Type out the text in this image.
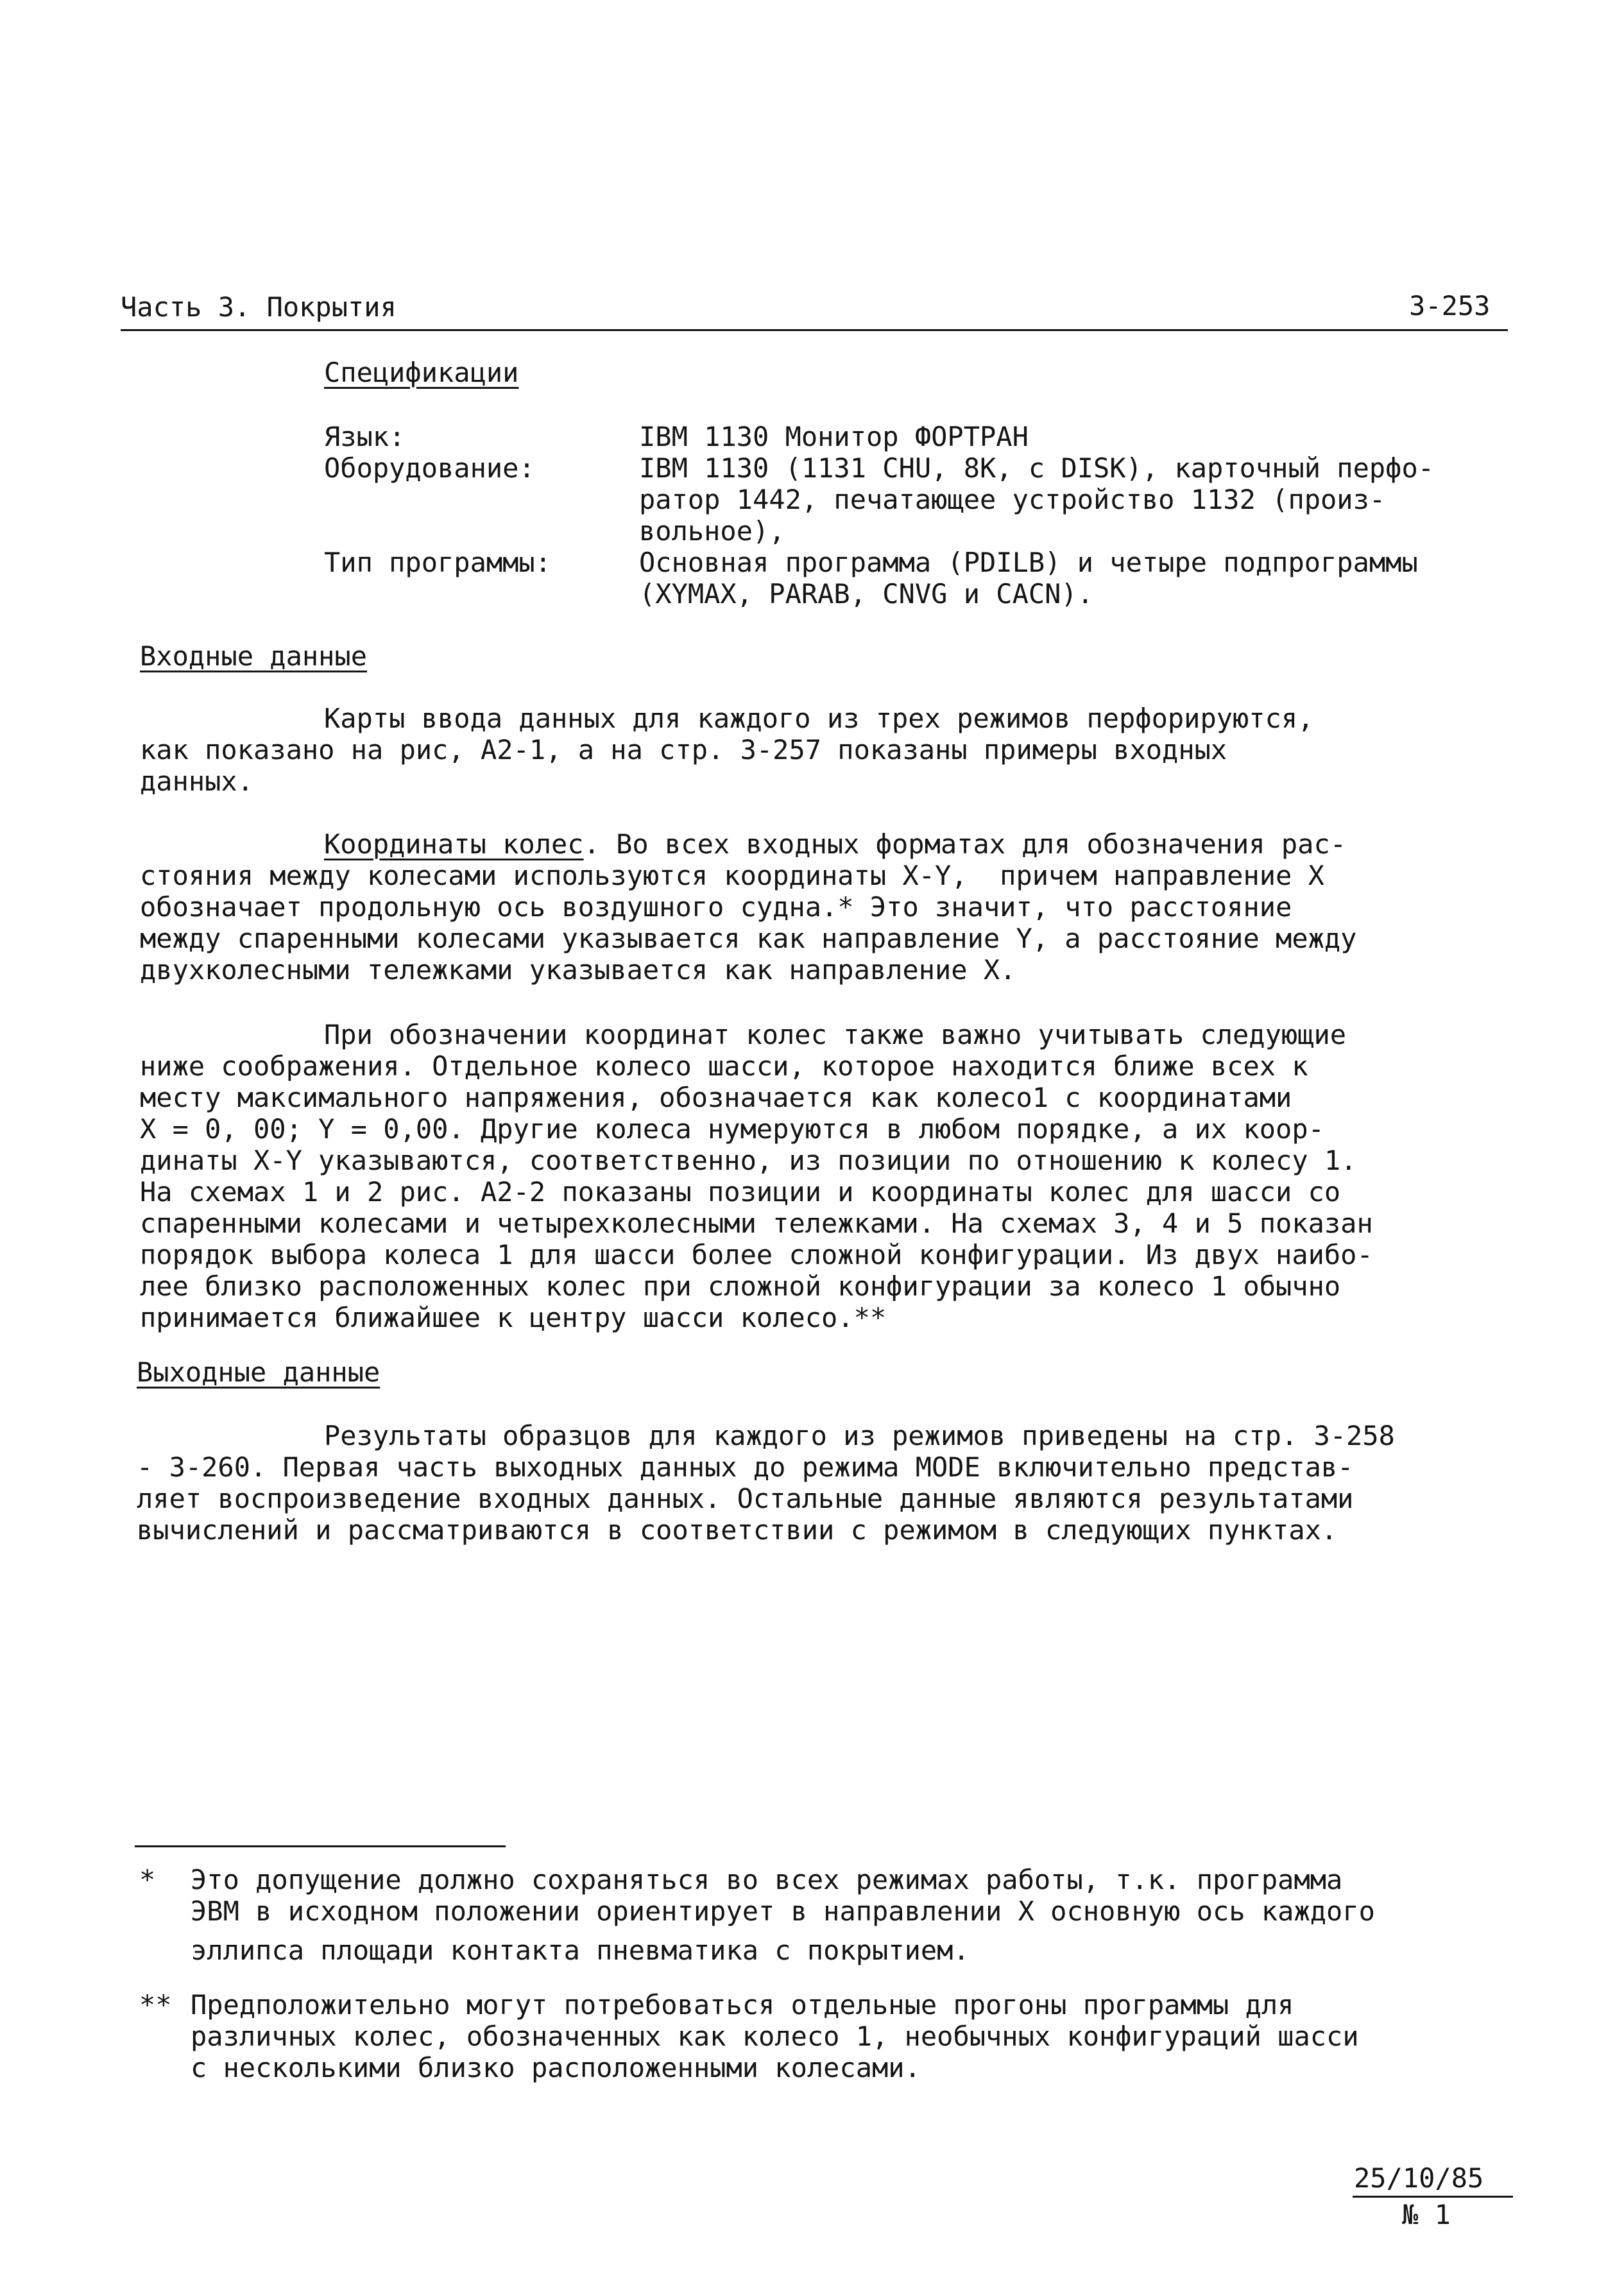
Часть 3. Покрытия	3-253
Спецификации
Язык:	IBM 1130 Монитор ФОРТРАН
Оборудование:	IBM 1130 (1131 CHU, 8K, c DISK), карточный перфо-
ратор 1442, печатающее устройство 1132 (произ-
вольное),
Тип программы:	Основная программа (PDILB) и четыре подпрограммы
(XYMAX, PARAB, CNVG и CACN).
Входные данные
Карты ввода данных для каждого из трех режимов перфорируются,
как показано на рис, А2-1, а на стр. 3-257 показаны примеры входных
данных.
Координаты колес. Во всех входных форматах для обозначения рас-
стояния между колесами используются координаты X-Y,  причем направление X
обозначает продольную ось воздушного судна.* Это значит, что расстояние
между спаренными колесами указывается как направление Y, а расстояние между
двухколесными тележками указывается как направление X.
При обозначении координат колес также важно учитывать следующие
ниже соображения. Отдельное колесо шасси, которое находится ближе всех к
месту максимального напряжения, обозначается как колесо1 с координатами
X = 0, 00; Y = 0,00. Другие колеса нумеруются в любом порядке, а их коор-
динаты X-Y указываются, соответственно, из позиции по отношению к колесу 1.
На схемах 1 и 2 рис. А2-2 показаны позиции и координаты колес для шасси со
спаренными колесами и четырехколесными тележками. На схемах 3, 4 и 5 показан
порядок выбора колеса 1 для шасси более сложной конфигурации. Из двух наибо-
лее близко расположенных колес при сложной конфигурации за колесо 1 обычно
принимается ближайшее к центру шасси колесо.**
Выходные данные
Результаты образцов для каждого из режимов приведены на стр. 3-258
- 3-260. Первая часть выходных данных до режима MODE включительно представ-
ляет воспроизведение входных данных. Остальные данные являются результатами
вычислений и рассматриваются в соответствии с режимом в следующих пунктах.
* Это допущение должно сохраняться во всех режимах работы, т.к. программа
ЭВМ в исходном положении ориентирует в направлении X основную ось каждого
эллипса площади контакта пневматика с покрытием.
** Предположительно могут потребоваться отдельные прогоны программы для
различных колес, обозначенных как колесо 1, необычных конфигураций шасси
с несколькими близко расположенными колесами.
25/10/85
№ 1
